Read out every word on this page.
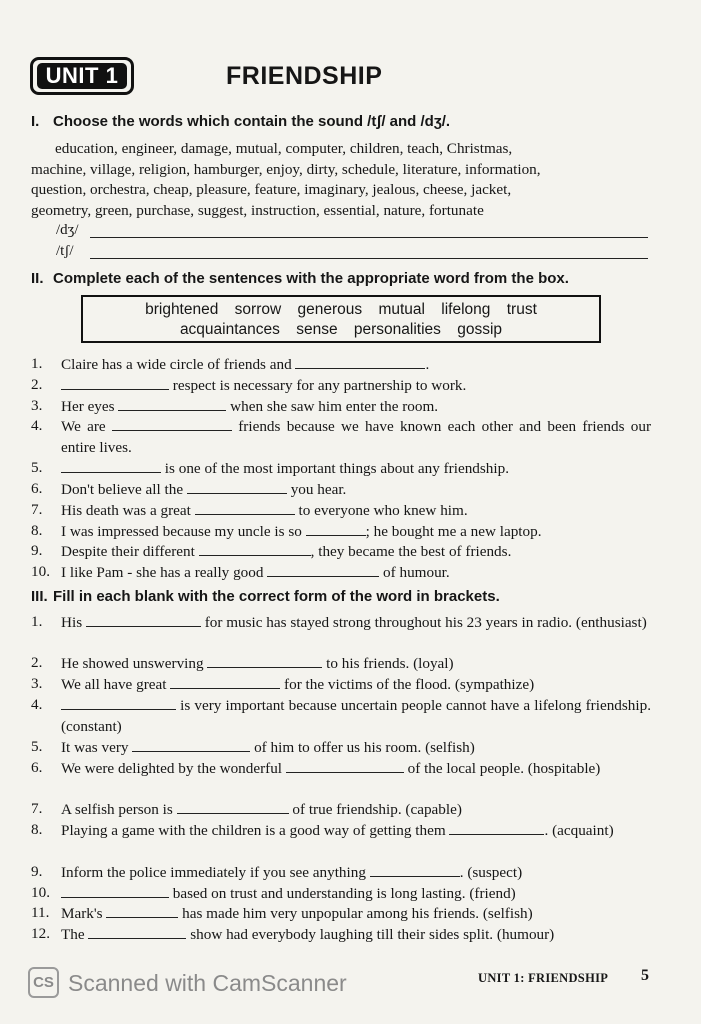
UNIT 1	FRIENDSHIP
I. Choose the words which contain the sound /tʃ/ and /dʒ/.

education, engineer, damage, mutual, computer, children, teach, Christmas,

machine, village, religion, hamburger, enjoy, dirty, schedule, literature, information,

question, orchestra, cheap, pleasure, feature, imaginary, jealous, cheese, jacket,

geometry, green, purchase, suggest, instruction, essential, nature, fortunate

/dʒ/
/tʃ/
II. Complete each of the sentences with the appropriate word from the box.
brightened sorrow generous mutual lifelong trust
acquaintances sense personalities gossip
1.	Claire has a wide circle of friends and	.
2.	respect is necessary for any partnership to work.
3.	Her eyes	when she saw him enter the room.
4.	We are	friends because we have known each other and been friends our entire lives.
5.	is one of the most important things about any friendship.
6.	Don't believe all the	you hear.
7.	His death was a great	to everyone who knew him.
8.	I was impressed because my uncle is so	; he bought me a new laptop.
9.	Despite their different	, they became the best of friends.
10. I like Pam - she has a really good	of humour.
III. Fill in each blank with the correct form of the word in brackets.
1.	His	for music has stayed strong throughout his 23 years in radio. (enthusiast)
2.	He showed unswerving	to his friends. (loyal)
3.	We all have great	for the victims of the flood. (sympathize)
4.	is very important because uncertain people cannot have a lifelong friendship. (constant)
5.	It was very	of him to offer us his room. (selfish)
6.	We were delighted by the wonderful	of the local people. (hospitable)
7.	A selfish person is	of true friendship. (capable)
8.	Playing a game with the children is a good way of getting them	. (acquaint)
9.	Inform the police immediately if you see anything	. (suspect)
10.	based on trust and understanding is long lasting. (friend)
11. Mark's	has made him very unpopular among his friends. (selfish)
12. The	show had everybody laughing till their sides split. (humour)
CS Scanned with CamScanner	UNIT 1: FRIENDSHIP 5
